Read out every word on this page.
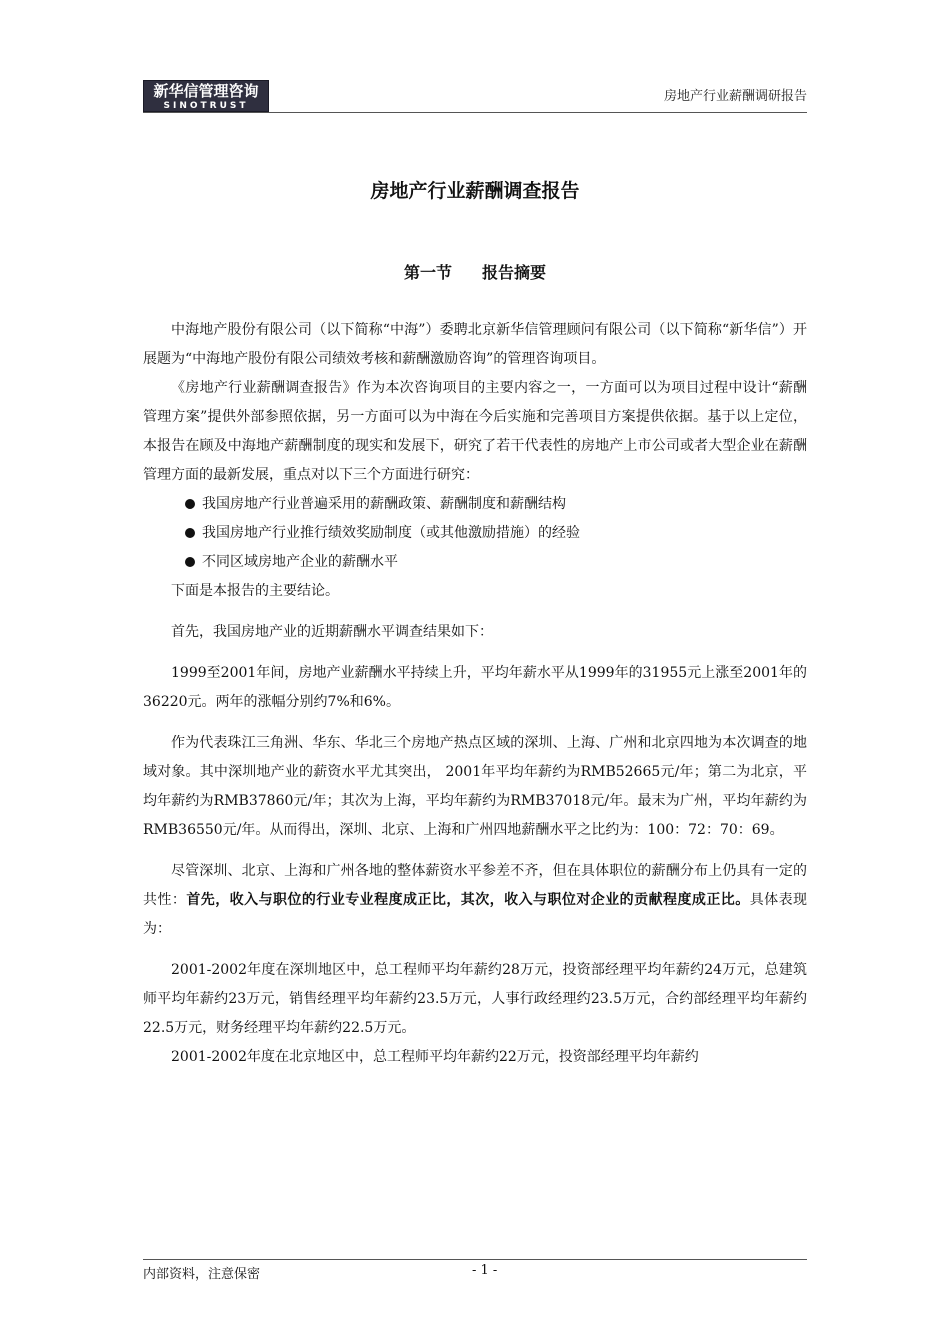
新华信管理咨询
SINOTRUST
房地产行业薪酬调研报告
房地产行业薪酬调查报告
第一节 报告摘要

中海地产股份有限公司（以下简称“中海”）委聘北京新华信管理顾问有限公司（以下简称“新华信”）开展题为“中海地产股份有限公司绩效考核和薪酬激励咨询”的管理咨询项目。

《房地产行业薪酬调查报告》作为本次咨询项目的主要内容之一，一方面可以为项目过程中设计“薪酬管理方案”提供外部参照依据，另一方面可以为中海在今后实施和完善项目方案提供依据。基于以上定位，本报告在顾及中海地产薪酬制度的现实和发展下，研究了若干代表性的房地产上市公司或者大型企业在薪酬管理方面的最新发展，重点对以下三个方面进行研究：

我国房地产行业普遍采用的薪酬政策、薪酬制度和薪酬结构
我国房地产行业推行绩效奖励制度（或其他激励措施）的经验
不同区域房地产企业的薪酬水平

下面是本报告的主要结论。

首先，我国房地产业的近期薪酬水平调查结果如下：

1999至2001年间，房地产业薪酬水平持续上升，平均年薪水平从1999年的31955元上涨至2001年的36220元。两年的涨幅分别约7%和6%。

作为代表珠江三角洲、华东、华北三个房地产热点区域的深圳、上海、广州和北京四地为本次调查的地域对象。其中深圳地产业的薪资水平尤其突出， 2001年平均年薪约为RMB52665元/年；第二为北京，平均年薪约为RMB37860元/年；其次为上海，平均年薪约为RMB37018元/年。最末为广州，平均年薪约为RMB36550元/年。从而得出，深圳、北京、上海和广州四地薪酬水平之比约为：100：72：70：69。

尽管深圳、北京、上海和广州各地的整体薪资水平参差不齐，但在具体职位的薪酬分布上仍具有一定的共性：首先，收入与职位的行业专业程度成正比，其次，收入与职位对企业的贡献程度成正比。具体表现为：

2001-2002年度在深圳地区中，总工程师平均年薪约28万元，投资部经理平均年薪约24万元，总建筑师平均年薪约23万元，销售经理平均年薪约23.5万元，人事行政经理约23.5万元，合约部经理平均年薪约22.5万元，财务经理平均年薪约22.5万元。

2001-2002年度在北京地区中，总工程师平均年薪约22万元，投资部经理平均年薪约

内部资料，注意保密	- 1 -
